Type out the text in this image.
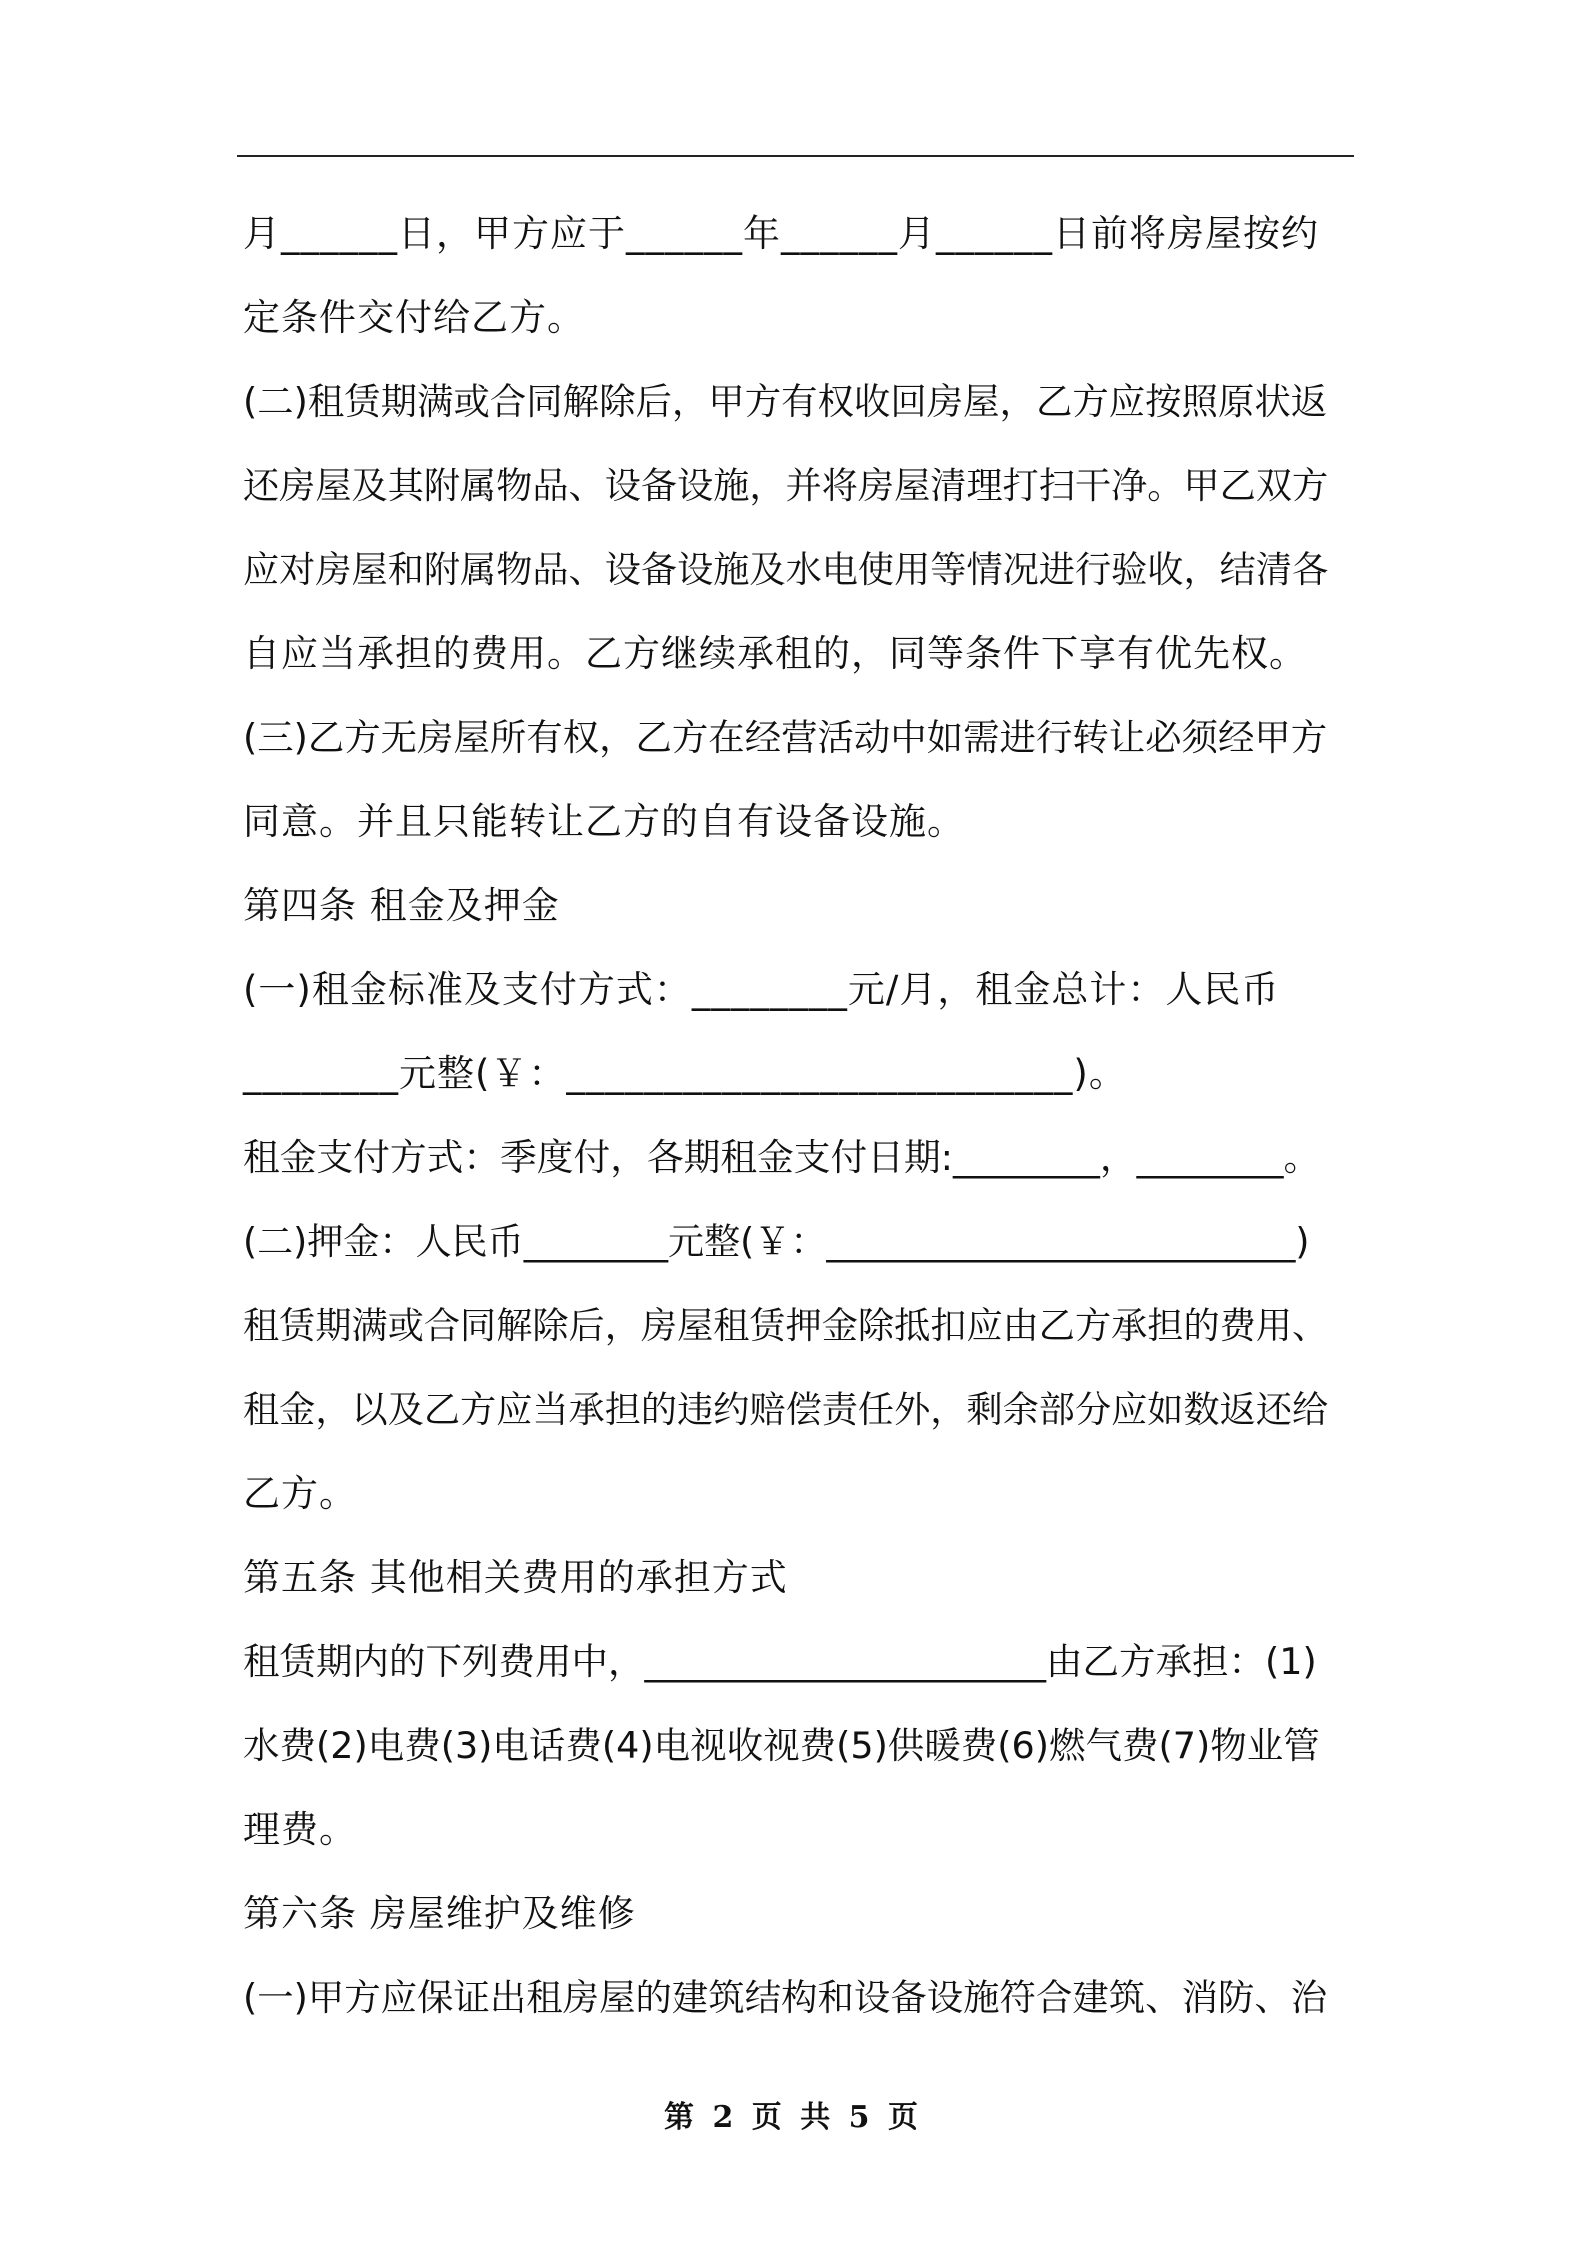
月______日，甲方应于______年______月______日前将房屋按约
定条件交付给乙方。
(二)租赁期满或合同解除后，甲方有权收回房屋，乙方应按照原状返
还房屋及其附属物品、设备设施，并将房屋清理打扫干净。甲乙双方
应对房屋和附属物品、设备设施及水电使用等情况进行验收，结清各
自应当承担的费用。乙方继续承租的，同等条件下享有优先权。
(三)乙方无房屋所有权，乙方在经营活动中如需进行转让必须经甲方
同意。并且只能转让乙方的自有设备设施。
第四条 租金及押金
(一)租金标准及支付方式：________元/月，租金总计：人民币
________元整(￥：__________________________)。
租金支付方式：季度付，各期租金支付日期:________，________。
(二)押金：人民币________元整(￥：__________________________)
租赁期满或合同解除后，房屋租赁押金除抵扣应由乙方承担的费用、
租金，以及乙方应当承担的违约赔偿责任外，剩余部分应如数返还给
乙方。
第五条 其他相关费用的承担方式
租赁期内的下列费用中，______________________由乙方承担：(1)
水费(2)电费(3)电话费(4)电视收视费(5)供暖费(6)燃气费(7)物业管
理费。
第六条 房屋维护及维修
(一)甲方应保证出租房屋的建筑结构和设备设施符合建筑、消防、治
第 2 页 共 5 页
